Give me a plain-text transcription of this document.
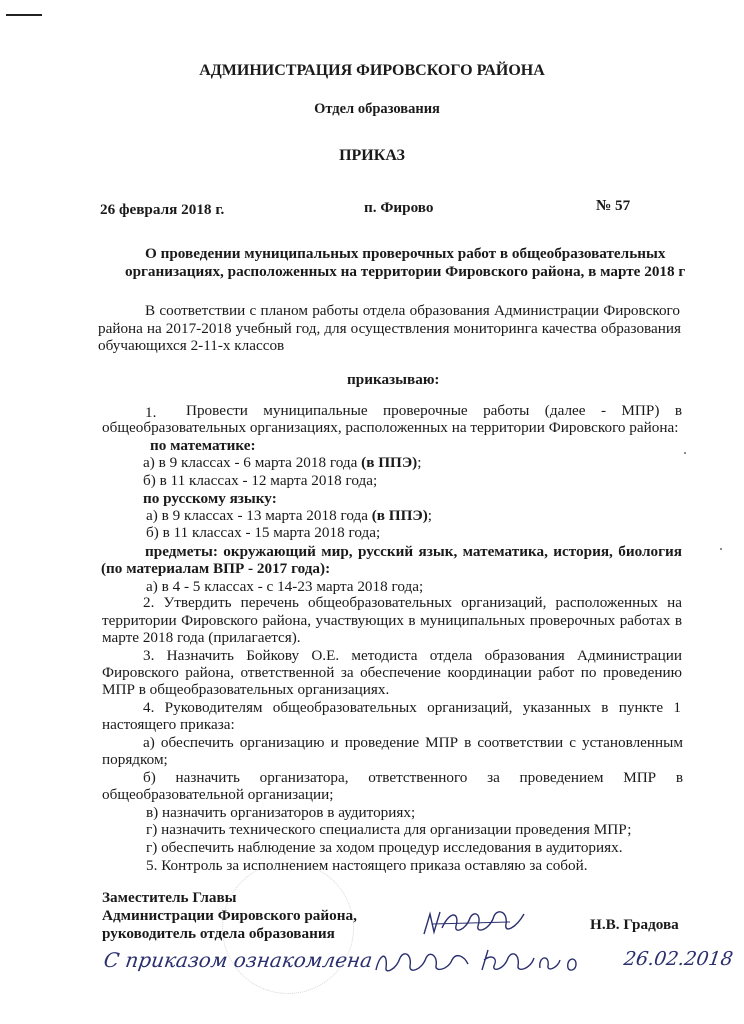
АДМИНИСТРАЦИЯ ФИРОВСКОГО РАЙОНА
Отдел образования
ПРИКАЗ
26 февраля 2018 г.	п. Фирово	№ 57
О проведении муниципальных проверочных работ в общеобразовательных
организациях, расположенных на территории Фировского района, в марте 2018 г
В соответствии с планом работы отдела образования Администрации Фировского
района на 2017-2018 учебный год, для осуществления мониторинга качества образования
обучающихся 2-11-х классов
приказываю:
1. Провести муниципальные проверочные работы (далее - МПР) в
общеобразовательных организациях, расположенных на территории Фировского района:
по математике:
а) в 9 классах - 6 марта 2018 года (в ППЭ);
б) в 11 классах - 12 марта 2018 года;
по русскому языку:
а) в 9 классах - 13 марта 2018 года (в ППЭ);
б) в 11 классах - 15 марта 2018 года;
предметы: окружающий мир, русский язык, математика, история, биология
(по материалам ВПР - 2017 года):
а) в 4 - 5 классах - с 14-23 марта 2018 года;
2. Утвердить перечень общеобразовательных организаций, расположенных на
территории Фировского района, участвующих в муниципальных проверочных работах в
марте 2018 года (прилагается).
3. Назначить Бойкову О.Е. методиста отдела образования Администрации
Фировского района, ответственной за обеспечение координации работ по проведению
МПР в общеобразовательных организациях.
4. Руководителям общеобразовательных организаций, указанных в пункте 1
настоящего приказа:
а) обеспечить организацию и проведение МПР в соответствии с установленным
порядком;
б) назначить организатора, ответственного за проведением МПР в
общеобразовательной организации;
в) назначить организаторов в аудиториях;
г) назначить технического специалиста для организации проведения МПР;
г) обеспечить наблюдение за ходом процедур исследования в аудиториях.
5. Контроль за исполнением настоящего приказа оставляю за собой.
Заместитель Главы
Администрации Фировского района,
руководитель отдела образования
Н.В. Градова
С приказом ознакомлена	26.02.2018
